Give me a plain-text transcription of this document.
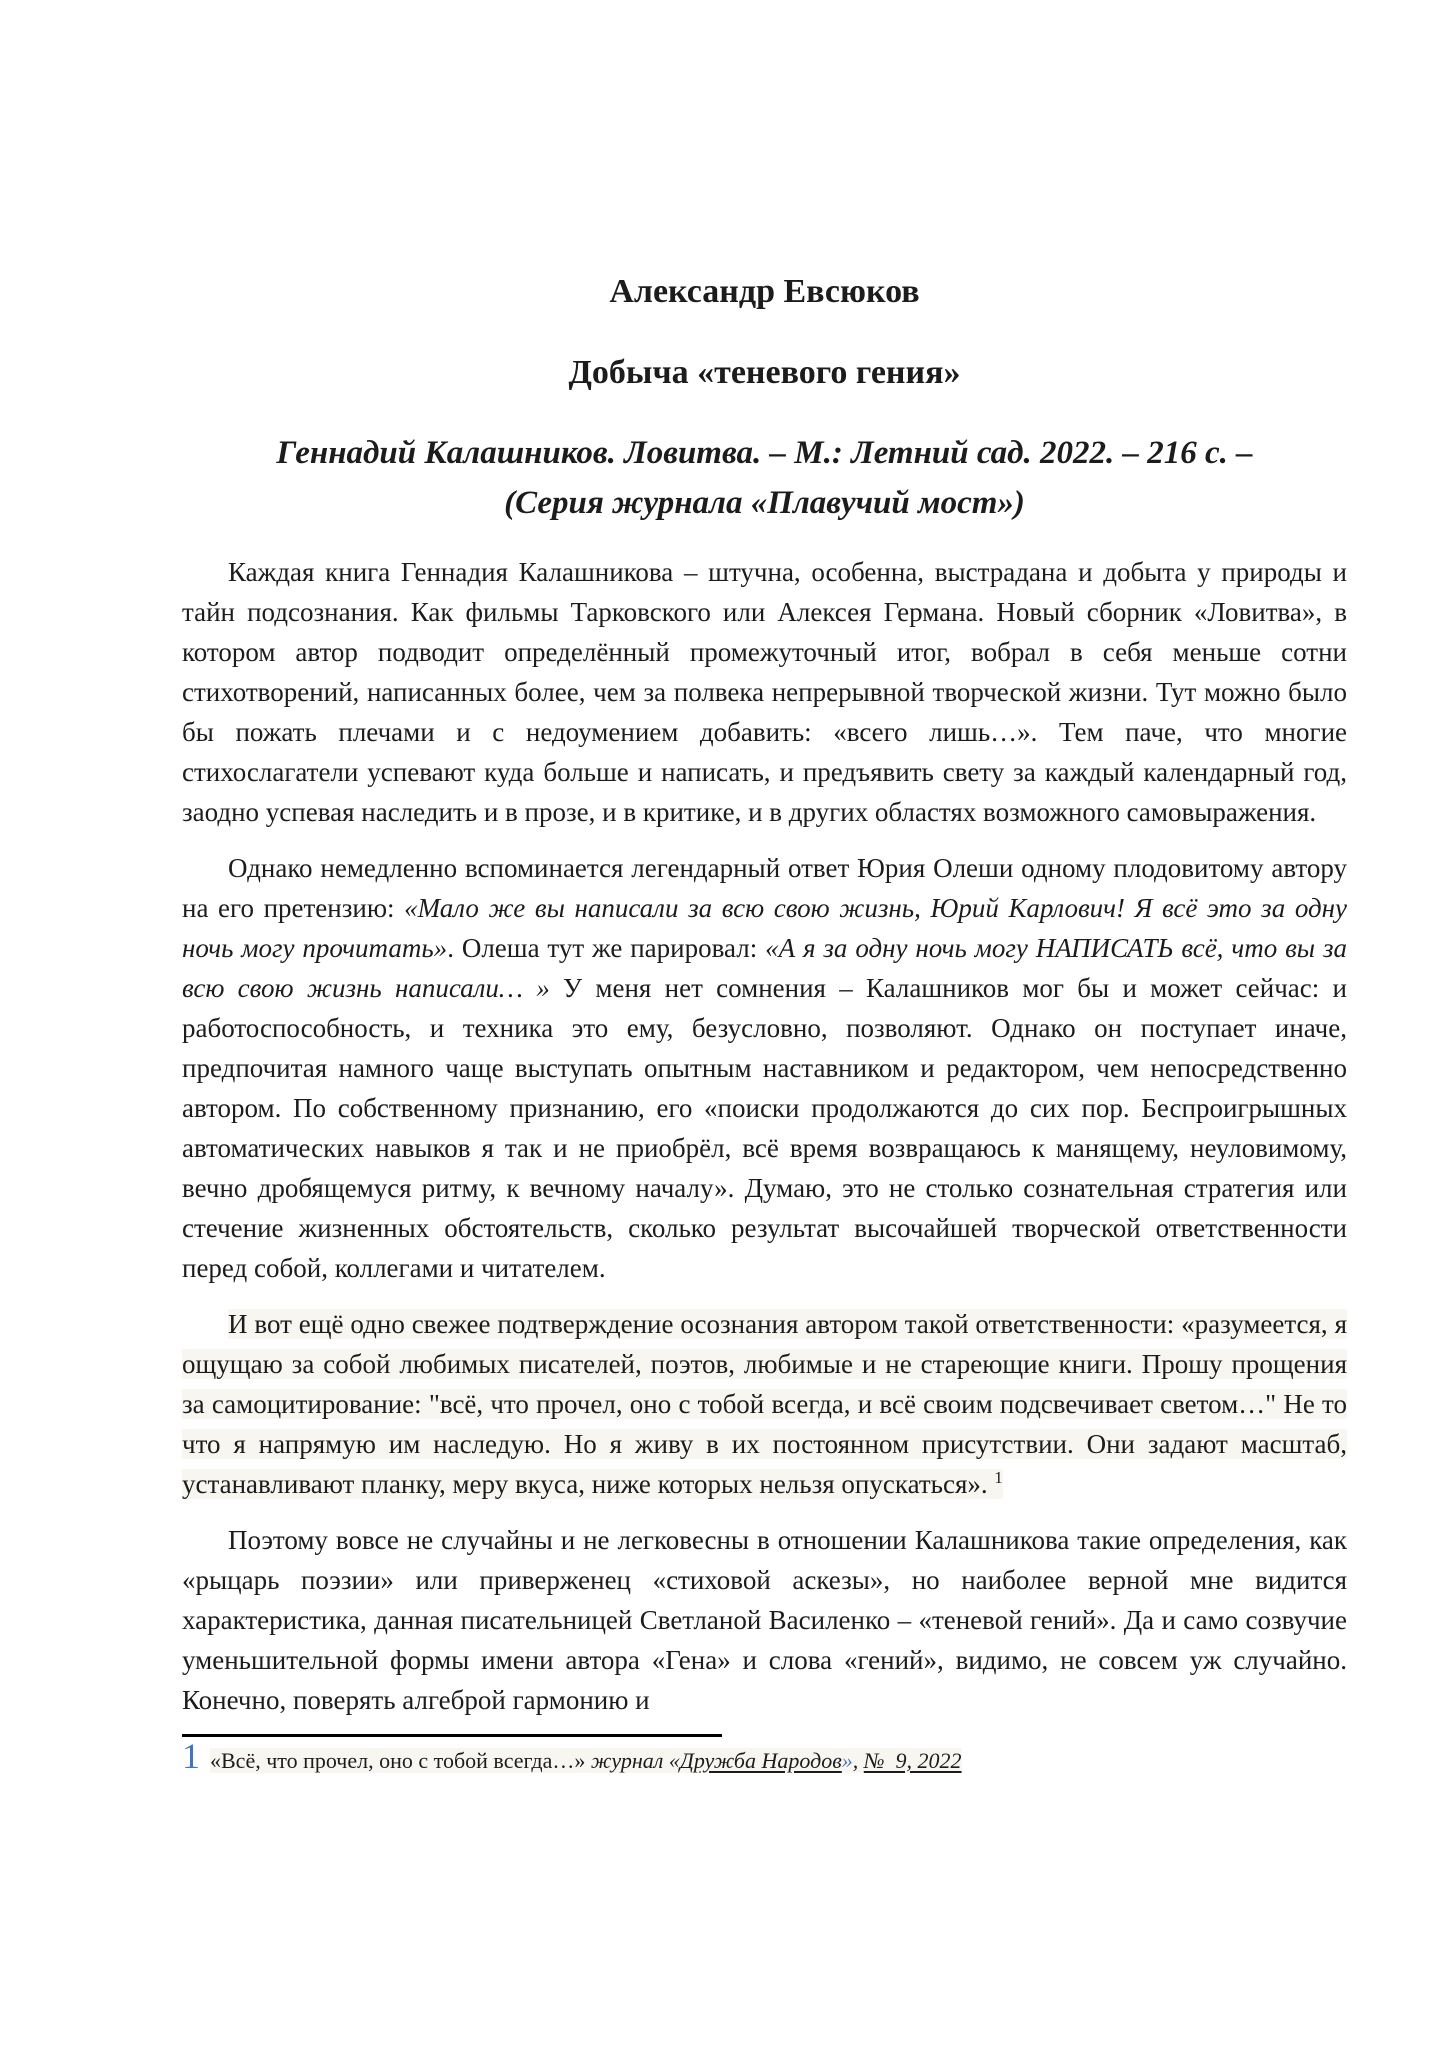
Александр Евсюков
Добыча «теневого гения»

Геннадий Калашников. Ловитва. – М.: Летний сад. 2022. – 216 с. –
(Серия журнала «Плавучий мост»)

Каждая книга Геннадия Калашникова – штучна, особенна, выстрадана и добыта у природы и тайн подсознания. Как фильмы Тарковского или Алексея Германа. Новый сборник «Ловитва», в котором автор подводит определённый промежуточный итог, вобрал в себя меньше сотни стихотворений, написанных более, чем за полвека непрерывной творческой жизни. Тут можно было бы пожать плечами и с недоумением добавить: «всего лишь…». Тем паче, что многие стихослагатели успевают куда больше и написать, и предъявить свету за каждый календарный год, заодно успевая наследить и в прозе, и в критике, и в других областях возможного самовыражения.

Однако немедленно вспоминается легендарный ответ Юрия Олеши одному плодовитому автору на его претензию: «Мало же вы написали за всю свою жизнь, Юрий Карлович! Я всё это за одну ночь могу прочитать». Олеша тут же парировал: «А я за одну ночь могу НАПИСАТЬ всё, что вы за всю свою жизнь написали… » У меня нет сомнения – Калашников мог бы и может сейчас: и работоспособность, и техника это ему, безусловно, позволяют. Однако он поступает иначе, предпочитая намного чаще выступать опытным наставником и редактором, чем непосредственно автором. По собственному признанию, его «поиски продолжаются до сих пор. Беспроигрышных автоматических навыков я так и не приобрёл, всё время возвращаюсь к манящему, неуловимому, вечно дробящемуся ритму, к вечному началу». Думаю, это не столько сознательная стратегия или стечение жизненных обстоятельств, сколько результат высочайшей творческой ответственности перед собой, коллегами и читателем.

И вот ещё одно свежее подтверждение осознания автором такой ответственности: «разумеется, я ощущаю за собой любимых писателей, поэтов, любимые и не стареющие книги. Прошу прощения за самоцитирование: "всё, что прочел, оно с тобой всегда, и всё своим подсвечивает светом…" Не то что я напрямую им наследую. Но я живу в их постоянном присутствии. Они задают масштаб, устанавливают планку, меру вкуса, ниже которых нельзя опускаться». $^1$

Поэтому вовсе не случайны и не легковесны в отношении Калашникова такие определения, как «рыцарь поэзии» или приверженец «стиховой аскезы», но наиболее верной мне видится характеристика, данная писательницей Светланой Василенко – «теневой гений». Да и само созвучие уменьшительной формы имени автора «Гена» и слова «гений», видимо, не совсем уж случайно. Конечно, поверять алгеброй гармонию и

1 «Всё, что прочел, оно с тобой всегда…» журнал «Дружба Народов», №  9, 2022
